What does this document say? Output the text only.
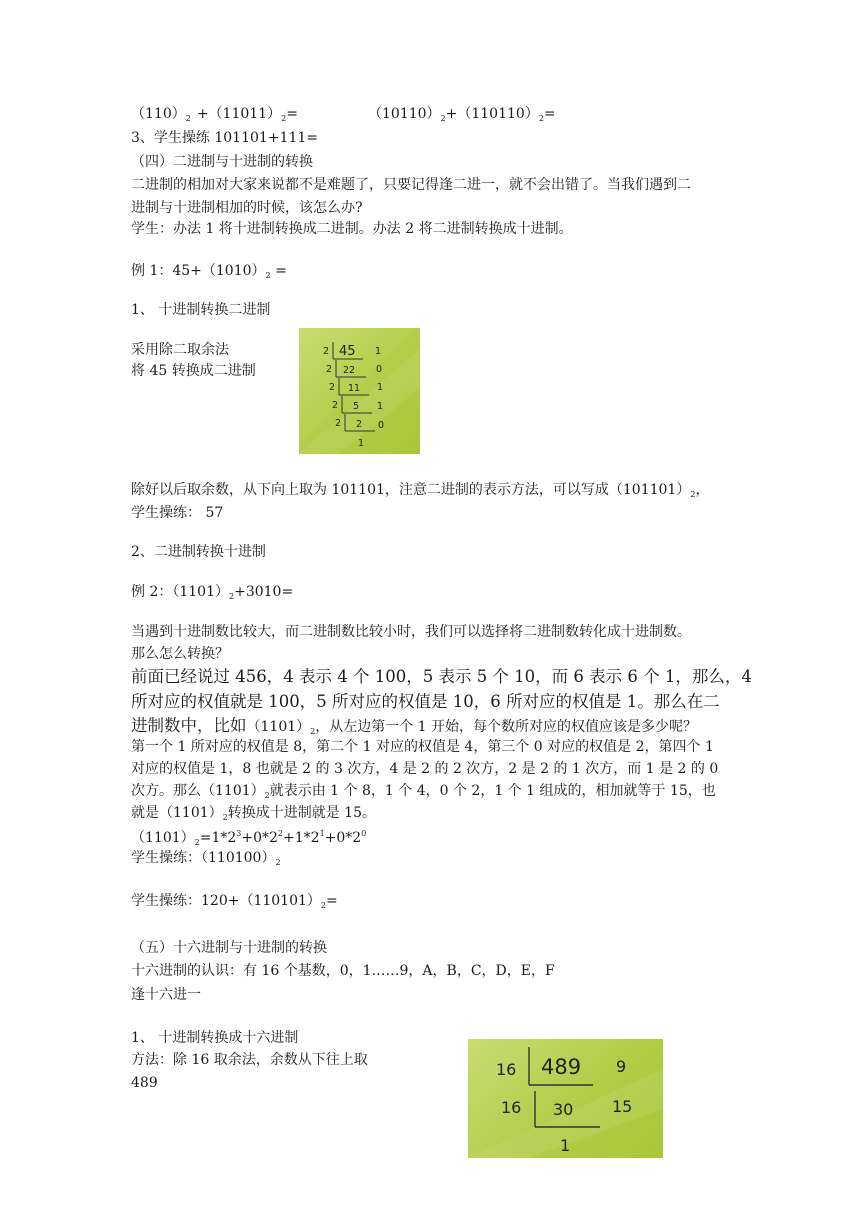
$(110)_2 +(11011)_2=$	$(10110)_2+(110110)_2=$
3、学生操练 101101+111=
（四）二进制与十进制的转换
二进制的相加对大家来说都不是难题了，只要记得逢二进一，就不会出错了。当我们遇到二
进制与十进制相加的时候，该怎么办?
学生：办法 1 将十进制转换成二进制。办法 2 将二进制转换成十进制。
例 1：$45+(1010)_2$ =
1、 十进制转换二进制
采用除二取余法
将 45 转换成二进制
2
2
2
2
2
45
22
11
5
2
1
1
0
1
1
0
除好以后取余数，从下向上取为 101101，注意二进制的表示方法，可以写成$(101101)_2$，
学生操练： 57
2、二进制转换十进制
例 2：$(1101)_2+3010=$
当遇到十进制数比较大，而二进制数比较小时，我们可以选择将二进制数转化成十进制数。
那么怎么转换？
前面已经说过 456，4 表示 4 个 100，5 表示 5 个 10，而 6 表示 6 个 1，那么，4
所对应的权值就是 100，5 所对应的权值是 10，6 所对应的权值是 1。那么在二
进制数中，比如$(1101)_2$，从左边第一个 1 开始，每个数所对应的权值应该是多少呢？
第一个 1 所对应的权值是 8，第二个 1 对应的权值是 4，第三个 0 对应的权值是 2，第四个 1
对应的权值是 1，8 也就是 2 的 3 次方，4 是 2 的 2 次方，2 是 2 的 1 次方，而 1 是 2 的 0
次方。那么$(1101)_2$就表示由 1 个 8，1 个 4，0 个 2，1 个 1 组成的，相加就等于 15，也
就是$(1101)_2$转换成十进制就是 15。
$(1101)_2=1*2^3+0*2^2+1*2^1+0*2^0$
学生操练：$(110100)_2$
学生操练：$120+(110101)_2=$
（五）十六进制与十进制的转换
十六进制的认识：有 16 个基数，0，1……9，A，B，C，D，E，F
逢十六进一
1、 十进制转换成十六进制
方法：除 16 取余法，余数从下往上取
489
16
16
489
30
1
9
15
